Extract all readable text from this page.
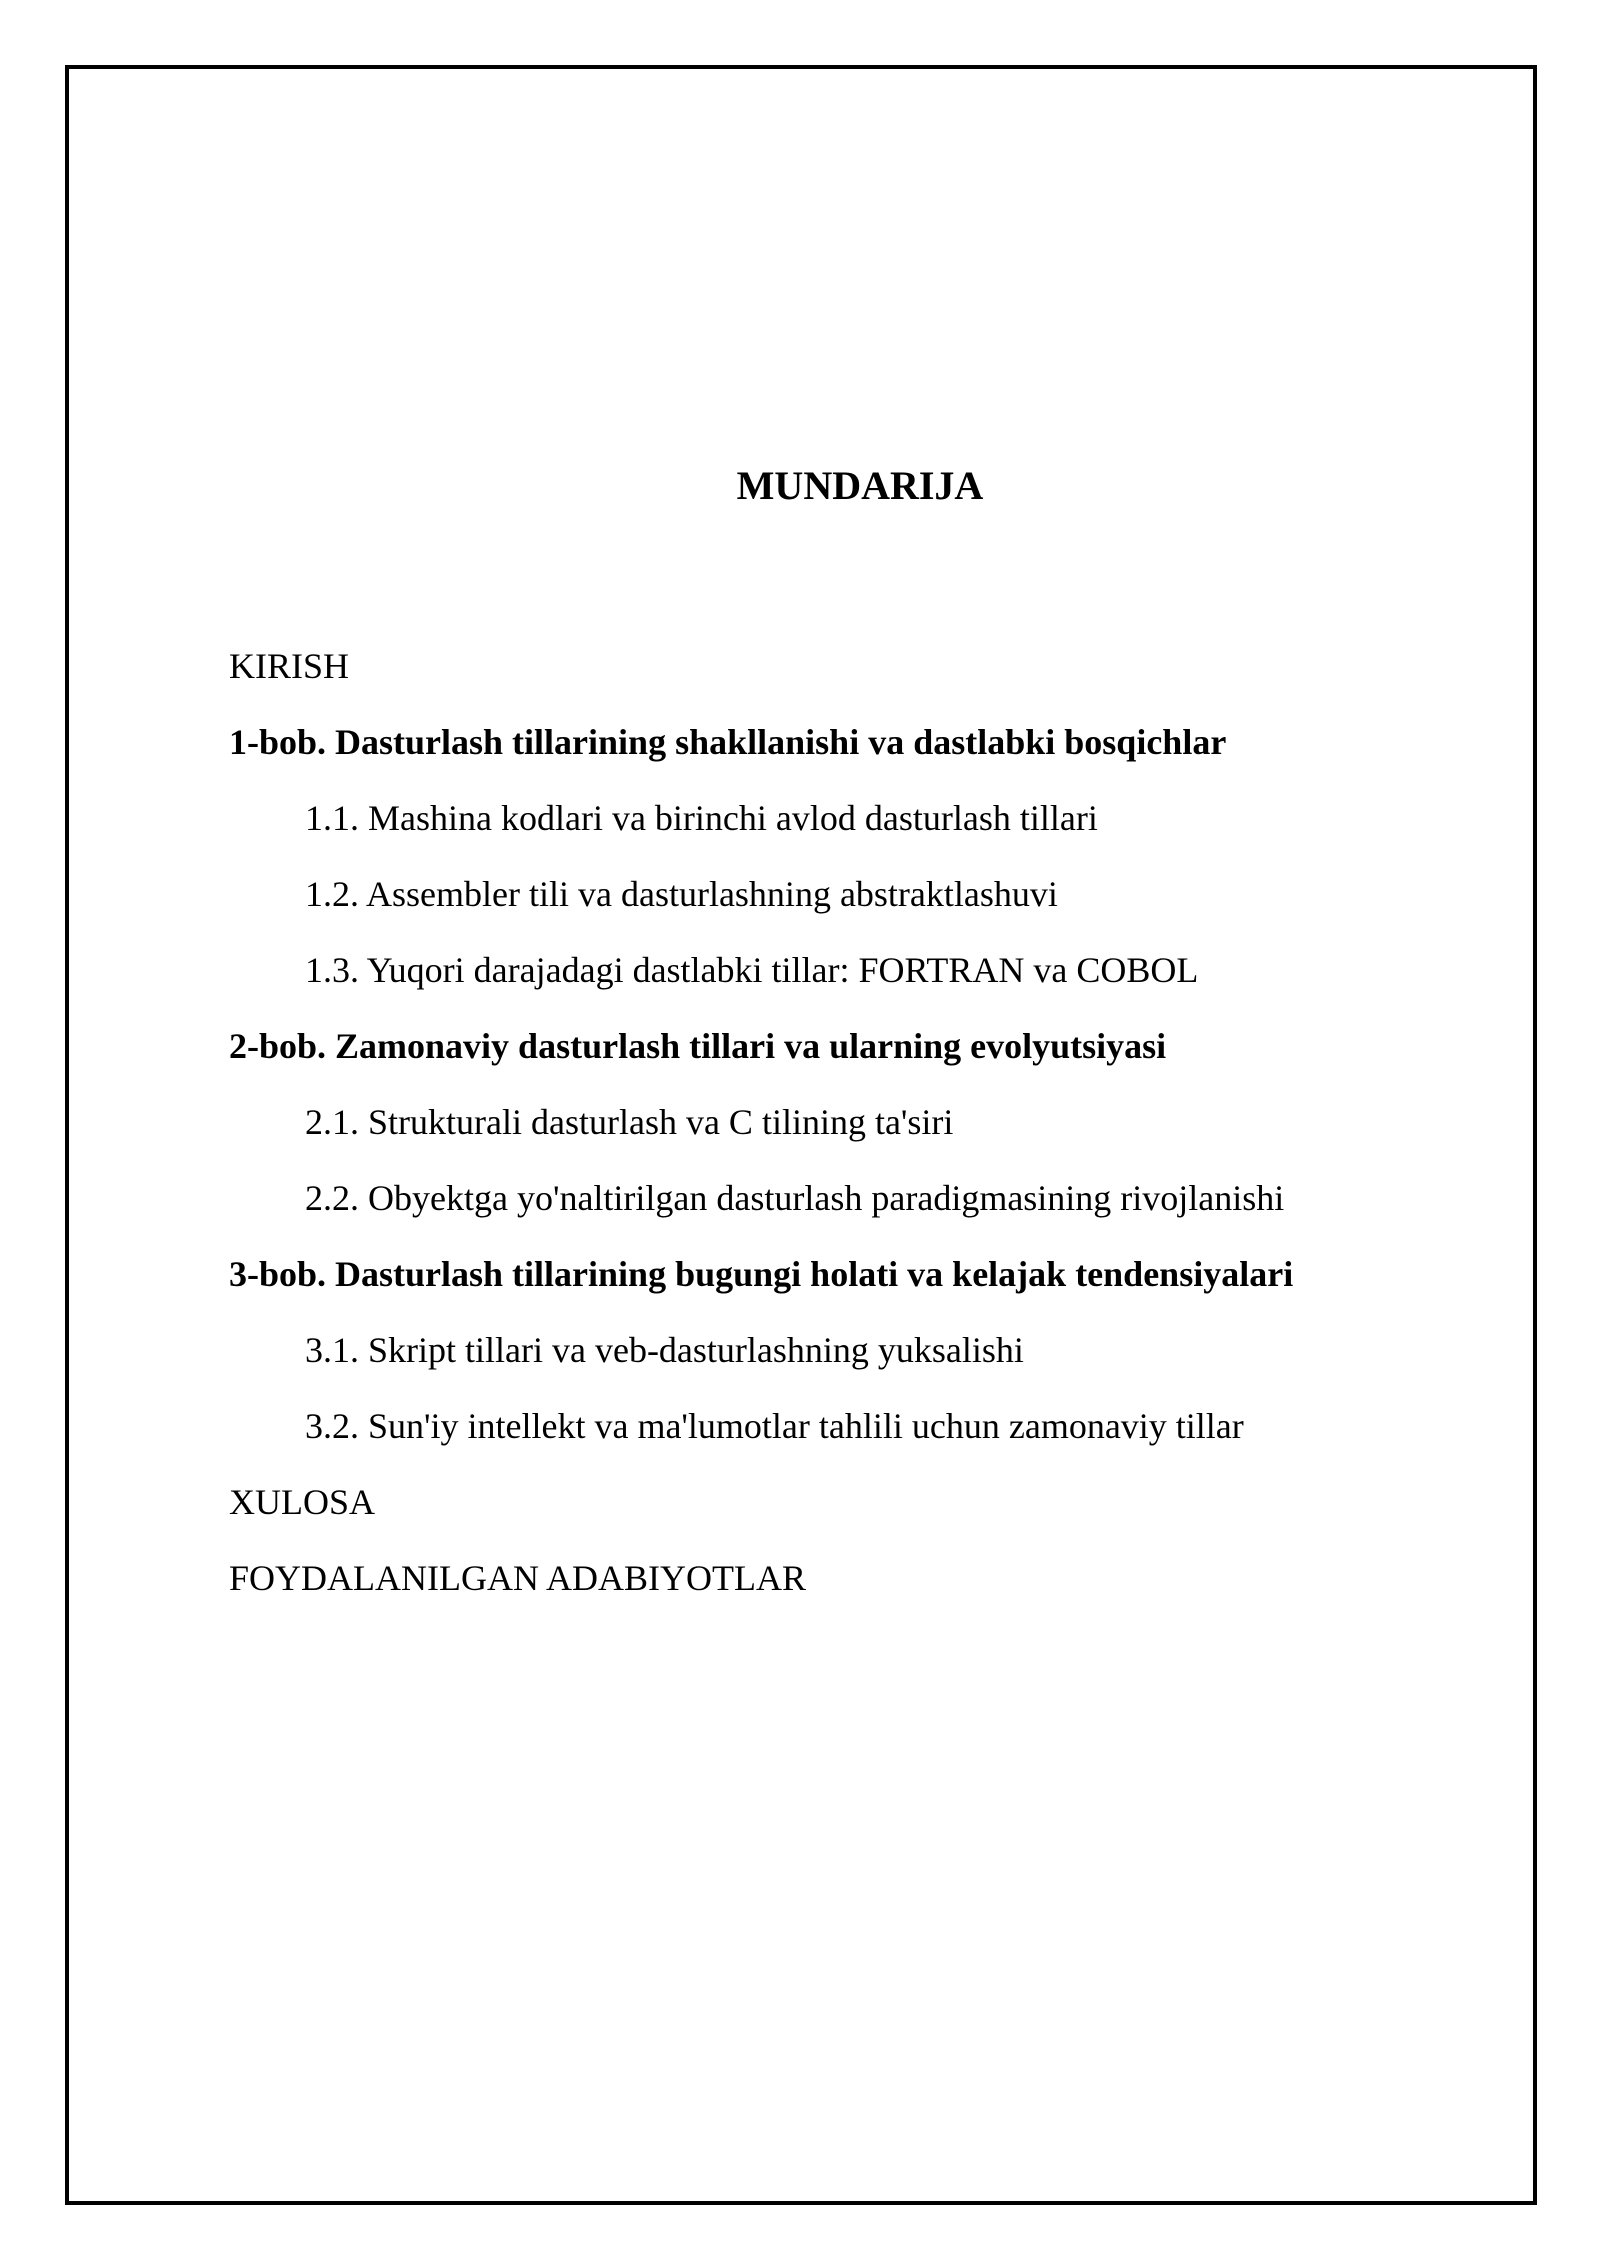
MUNDARIJA
KIRISH
1-bob. Dasturlash tillarining shakllanishi va dastlabki bosqichlar
1.1. Mashina kodlari va birinchi avlod dasturlash tillari
1.2. Assembler tili va dasturlashning abstraktlashuvi
1.3. Yuqori darajadagi dastlabki tillar: FORTRAN va COBOL
2-bob. Zamonaviy dasturlash tillari va ularning evolyutsiyasi
2.1. Strukturali dasturlash va C tilining ta'siri
2.2. Obyektga yo'naltirilgan dasturlash paradigmasining rivojlanishi
3-bob. Dasturlash tillarining bugungi holati va kelajak tendensiyalari
3.1. Skript tillari va veb-dasturlashning yuksalishi
3.2. Sun'iy intellekt va ma'lumotlar tahlili uchun zamonaviy tillar
XULOSA
FOYDALANILGAN ADABIYOTLAR
